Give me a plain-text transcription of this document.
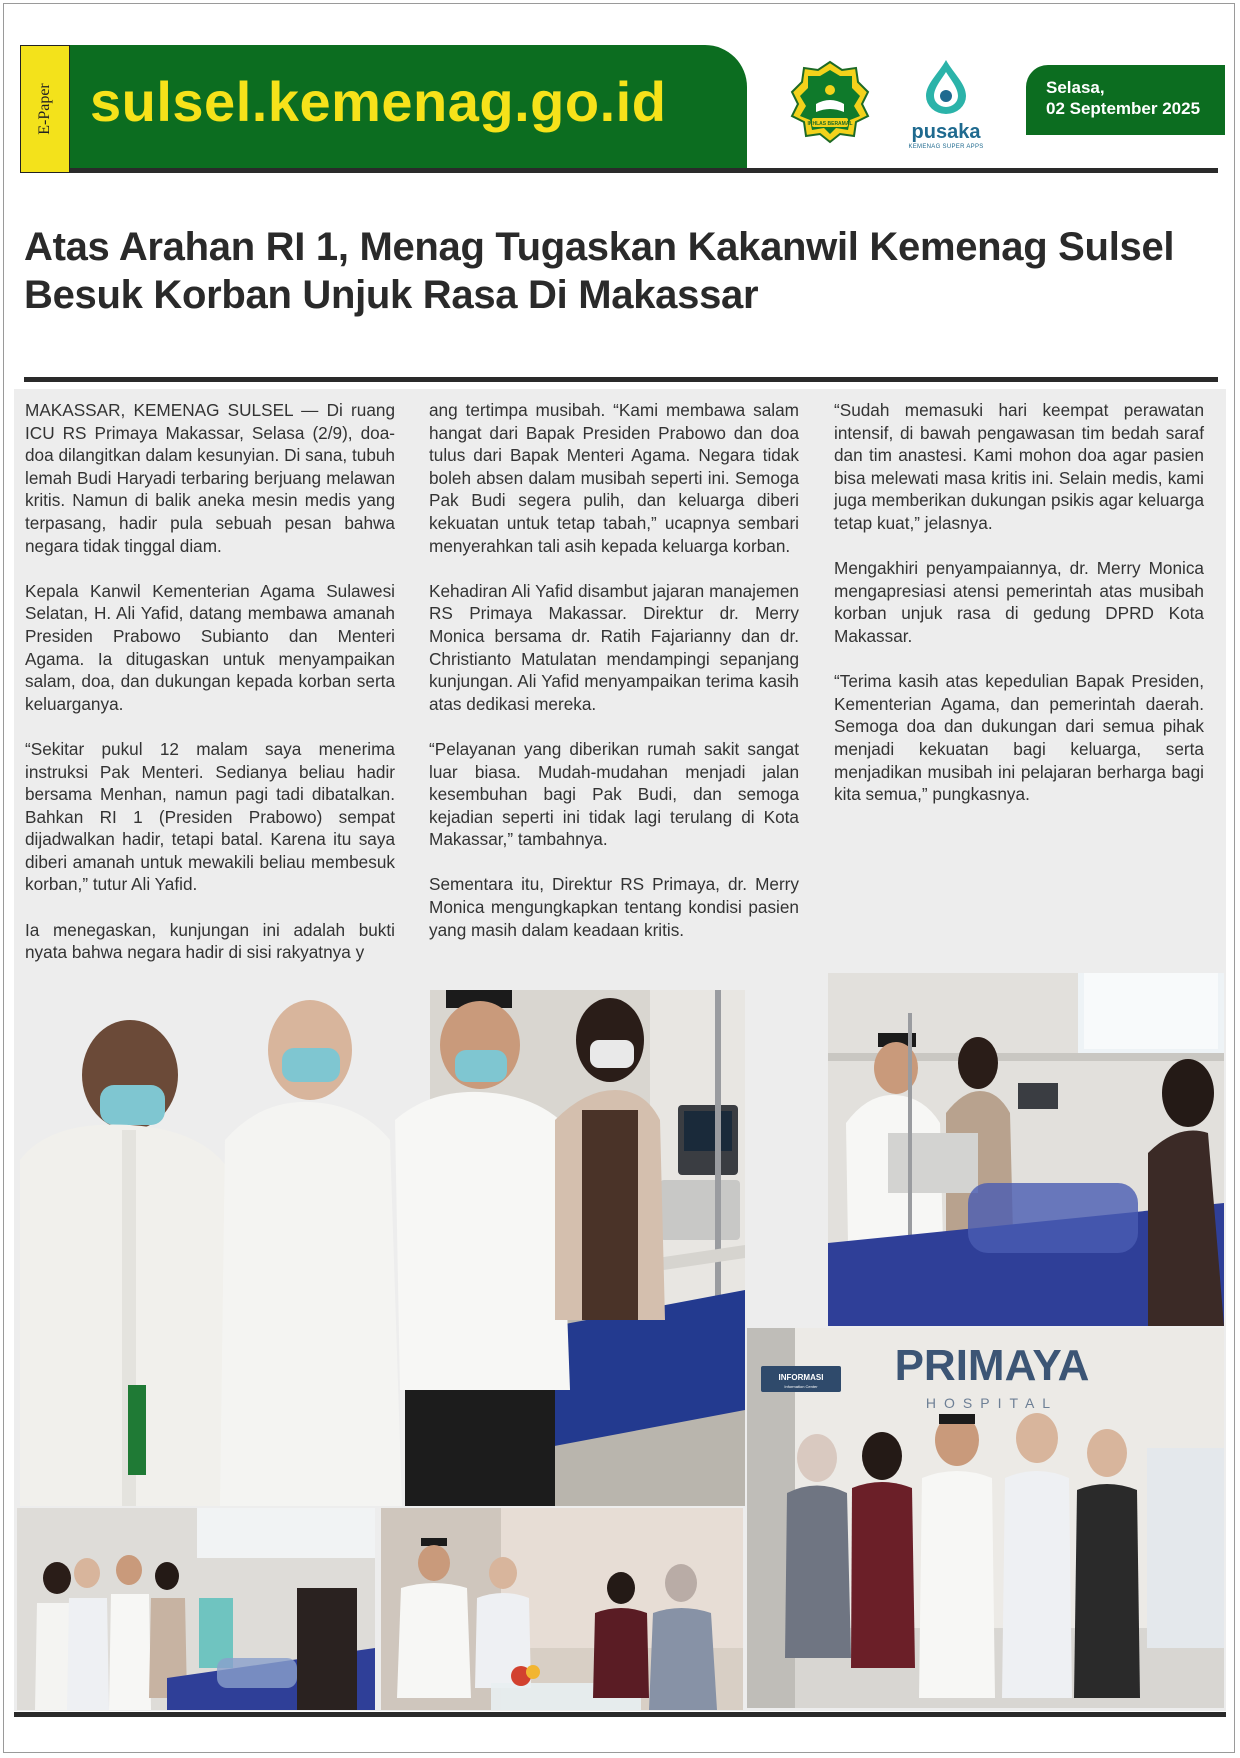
E-Paper sulsel.kemenag.go.id	IKHLAS BERAMAL	pusaka
KEMENAG SUPER APPS
Selasa,
02 September 2025
Atas Arahan RI 1, Menag Tugaskan Kakanwil Kemenag Sulsel Besuk Korban Unjuk Rasa Di Makassar

MAKASSAR, KEMENAG SULSEL — Di ruang ICU RS Primaya Makassar, Selasa (2/9), doa-doa dilangitkan dalam kesunyian. Di sana, tubuh lemah Budi Haryadi terbaring berjuang melawan kritis. Namun di balik aneka mesin medis yang terpasang, hadir pula sebuah pesan bahwa negara tidak tinggal diam.

Kepala Kanwil Kementerian Agama Sulawesi Selatan, H. Ali Yafid, datang membawa amanah Presiden Prabowo Subianto dan Menteri Agama. Ia ditugaskan untuk menyampaikan salam, doa, dan dukungan kepada korban serta keluarganya.

“Sekitar pukul 12 malam saya menerima instruksi Pak Menteri. Sedianya beliau hadir bersama Menhan, namun pagi tadi dibatalkan. Bahkan RI 1 (Presiden Prabowo) sempat dijadwalkan hadir, tetapi batal. Karena itu saya diberi amanah untuk mewakili beliau membesuk korban,” tutur Ali Yafid.

Ia menegaskan, kunjungan ini adalah bukti nyata bahwa negara hadir di sisi rakyatnya y

ang tertimpa musibah. “Kami membawa salam hangat dari Bapak Presiden Prabowo dan doa tulus dari Bapak Menteri Agama. Negara tidak boleh absen dalam musibah seperti ini. Semoga Pak Budi segera pulih, dan keluarga diberi kekuatan untuk tetap tabah,” ucapnya sembari menyerahkan tali asih kepada keluarga korban.

Kehadiran Ali Yafid disambut jajaran manajemen RS Primaya Makassar. Direktur dr. Merry Monica bersama dr. Ratih Fajarianny dan dr. Christianto Matulatan mendampingi sepanjang kunjungan. Ali Yafid menyampaikan terima kasih atas dedikasi mereka.

“Pelayanan yang diberikan rumah sakit sangat luar biasa. Mudah-mudahan menjadi jalan kesembuhan bagi Pak Budi, dan semoga kejadian seperti ini tidak lagi terulang di Kota Makassar,” tambahnya.

Sementara itu, Direktur RS Primaya, dr. Merry Monica mengungkapkan tentang kondisi pasien yang masih dalam keadaan kritis.

“Sudah memasuki hari keempat perawatan intensif, di bawah pengawasan tim bedah saraf dan tim anastesi. Kami mohon doa agar pasien bisa melewati masa kritis ini. Selain medis, kami juga memberikan dukungan psikis agar keluarga tetap kuat,” jelasnya.

Mengakhiri penyampaiannya, dr. Merry Monica mengapresiasi atensi pemerintah atas musibah korban unjuk rasa di gedung DPRD Kota Makassar.

“Terima kasih atas kepedulian Bapak Presiden, Kementerian Agama, dan pemerintah daerah. Semoga doa dan dukungan dari semua pihak menjadi kekuatan bagi keluarga, serta menjadikan musibah ini pelajaran berharga bagi kita semua,” pungkasnya.

INFORMASI
Information Center PRIMAYA
HOSPITAL
